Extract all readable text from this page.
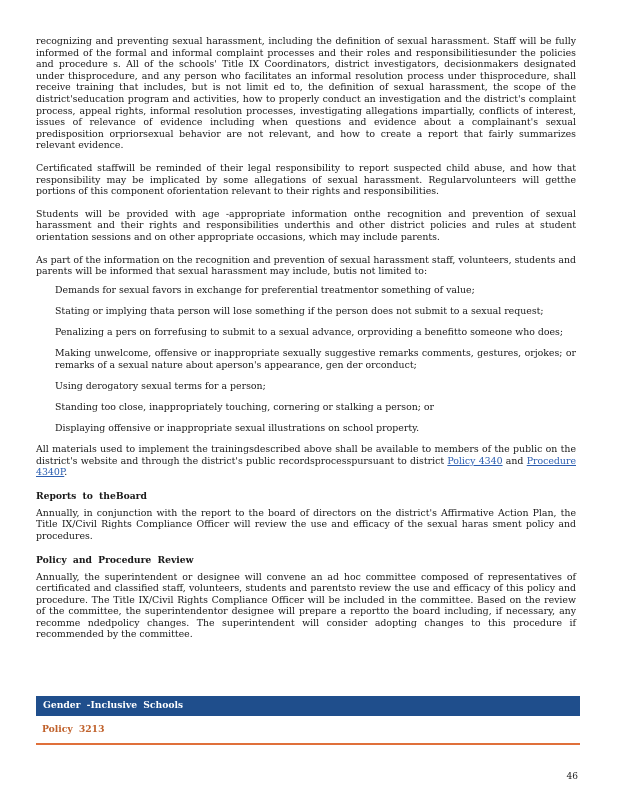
recognizing and preventing sexual harassment, including the definition of sexual harassment. Staff will be fully informed of the formal and informal complaint processes and their roles and responsibilitiesunder the policies and procedure s. All of the schools' Title IX Coordinators, district investigators, decisionmakers designated under thisprocedure, and any person who facilitates an informal resolution process under thisprocedure, shall receive training that includes, but is not limit ed to, the definition of sexual harassment, the scope of the district'seducation program and activities, how to properly conduct an investigation and the district's complaint process, appeal rights, informal resolution processes, investigating allegations impartially, conflicts of interest, issues of relevance of evidence including when questions and evidence about a complainant's sexual predisposition orpriorsexual behavior are not relevant, and how to create a report that fairly summarizes relevant evidence.

Certificated staffwill be reminded of their legal responsibility to report suspected child abuse, and how that responsibility may be implicated by some allegations of sexual harassment. Regularvolunteers will getthe portions of this component oforientation relevant to their rights and responsibilities.

Students will be provided with age -appropriate information onthe recognition and prevention of sexual harassment and their rights and responsibilities underthis and other district policies and rules at student orientation sessions and on other appropriate occasions, which may include parents.

As part of the information on the recognition and prevention of sexual harassment staff, volunteers, students and parents will be informed that sexual harassment may include, butis not limited to:

Demands for sexual favors in exchange for preferential treatmentor something of value;
Stating or implying thata person will lose something if the person does not submit to a sexual request;
Penalizing a pers on forrefusing to submit to a sexual advance, orproviding a benefitto someone who does;
Making unwelcome, offensive or inappropriate sexually suggestive remarks comments, gestures, orjokes; or remarks of a sexual nature about aperson's appearance, gen der orconduct;
Using derogatory sexual terms for a person;
Standing too close, inappropriately touching, cornering or stalking a person; or
Displaying offensive or inappropriate sexual illustrations on school property.

All materials used to implement the trainingsdescribed above shall be available to members of the public on the district's website and through the district's public recordsprocesspursuant to district Policy 4340 and Procedure 4340P.

Reports to theBoard

Annually, in conjunction with the report to the board of directors on the district's Affirmative Action Plan, the Title IX/Civil Rights Compliance Officer will review the use and efficacy of the sexual haras sment policy and procedures.

Policy and Procedure Review

Annually, the superintendent or designee will convene an ad hoc committee composed of representatives of certificated and classified staff, volunteers, students and parentsto review the use and efficacy of this policy and procedure. The Title IX/Civil Rights Compliance Officer will be included in the committee. Based on the review of the committee, the superintendentor designee will prepare a reportto the board including, if necessary, any recomme ndedpolicy changes. The superintendent will consider adopting changes to this procedure if recommended by the committee.

Gender -Inclusive Schools
Policy 3213
46
